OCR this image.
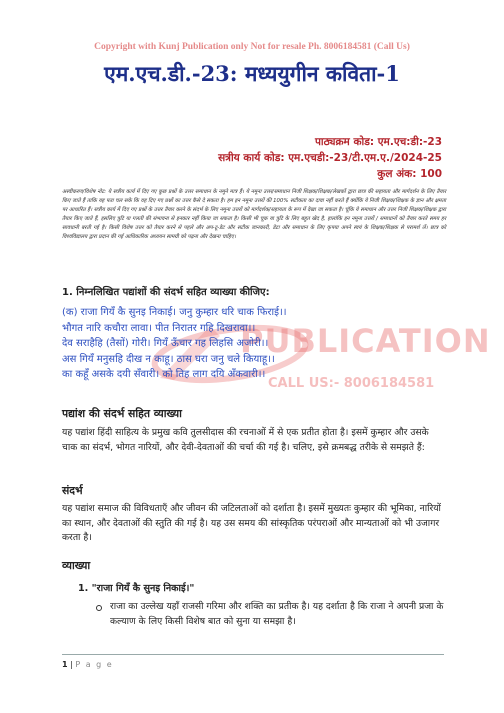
Copyright with Kunj Publication only Not for resale Ph. 8006184581 (Call Us)
एम.एच.डी.-23: मध्ययुगीन कविता-1
पाठ्यक्रम कोड: एम.एच:डी:-23
सत्रीय कार्य कोड: एम.एचडी:-23/टी.एम.ए./2024-25
कुल अंक: 100
अस्वीकरण/विशेष नोट: ये सत्रीय कार्य में दिए गए कुछ प्रश्नों के उत्तर समाधान के नमूने मात्र हैं। ये नमूना उत्तर/समाधान निजी शिक्षक/शिक्षक/लेखकों द्वारा छात्र की सहायता और मार्गदर्शन के लिए तैयार किए जाते हैं ताकि यह पता चल सके कि वह दिए गए प्रश्नों का उत्तर कैसे दे सकता है। हम इन नमूना उत्तरों की 100% सटीकता का दावा नहीं करते हैं क्योंकि ये निजी शिक्षक/शिक्षक के ज्ञान और क्षमता पर आधारित हैं। सत्रीय कार्य में दिए गए प्रश्नों के उत्तर तैयार करने के संदर्भ के लिए नमूना उत्तरों को मार्गदर्शक/सहायता के रूप में देखा जा सकता है। चूंकि ये समाधान और उत्तर निजी शिक्षक/शिक्षक द्वारा तैयार किए जाते हैं, इसलिए त्रुटि या गलती की संभावना से इनकार नहीं किया जा सकता है। किसी भी चूक या त्रुटि के लिए बहुत खेद है, हालांकि इन नमूना उत्तरों / समाधानों को तैयार करते समय हर सावधानी बरती गई है। किसी विशेष उत्तर को तैयार करने से पहले और अप-टू-डेट और सटीक जानकारी, डेटा और समाधान के लिए कृपया अपने स्वयं के शिक्षक/शिक्षक से परामर्श लें। छात्र को विश्वविद्यालय द्वारा प्रदान की गई आधिकारिक अध्ययन सामग्री को पढ़ना और देखना चाहिए।
PUBLICATION
CALL US:- 8006184581
1. निम्नलिखित पद्यांशों की संदर्भ सहित व्याख्या कीजिए:
(क) राजा गियँ कै सुनइ निकाई। जनु कुम्हार धरि चाक फिराई।।
भौगत नारि कचौरा लावा। पीत निरातर गहि दिखरावा।।
देव सराहैहि (तैसों) गोरी। गियँ ऊँचार गह लिहसि अजोरी।।
अस गियँ मनुसहि दीख न काहू। ठास घरा जनु चले कियाहू।।
का कहूँ असके दयी सँवारी। को तिह लाग दयि अँकवारी।।
पद्यांश की संदर्भ सहित व्याख्या
यह पद्यांश हिंदी साहित्य के प्रमुख कवि तुलसीदास की रचनाओं में से एक प्रतीत होता है। इसमें कुम्हार और उसके चाक का संदर्भ, भोगत नारियों, और देवी-देवताओं की चर्चा की गई है। चलिए, इसे क्रमबद्ध तरीके से समझते हैं:
संदर्भ
यह पद्यांश समाज की विविधताएँ और जीवन की जटिलताओं को दर्शाता है। इसमें मुख्यतः कुम्हार की भूमिका, नारियों का स्थान, और देवताओं की स्तुति की गई है। यह उस समय की सांस्कृतिक परंपराओं और मान्यताओं को भी उजागर करता है।
व्याख्या
1. "राजा गियँ कै सुनइ निकाई।"
राजा का उल्लेख यहाँ राजसी गरिमा और शक्ति का प्रतीक है। यह दर्शाता है कि राजा ने अपनी प्रजा के कल्याण के लिए किसी विशेष बात को सुना या समझा है।
1 | P a g e
